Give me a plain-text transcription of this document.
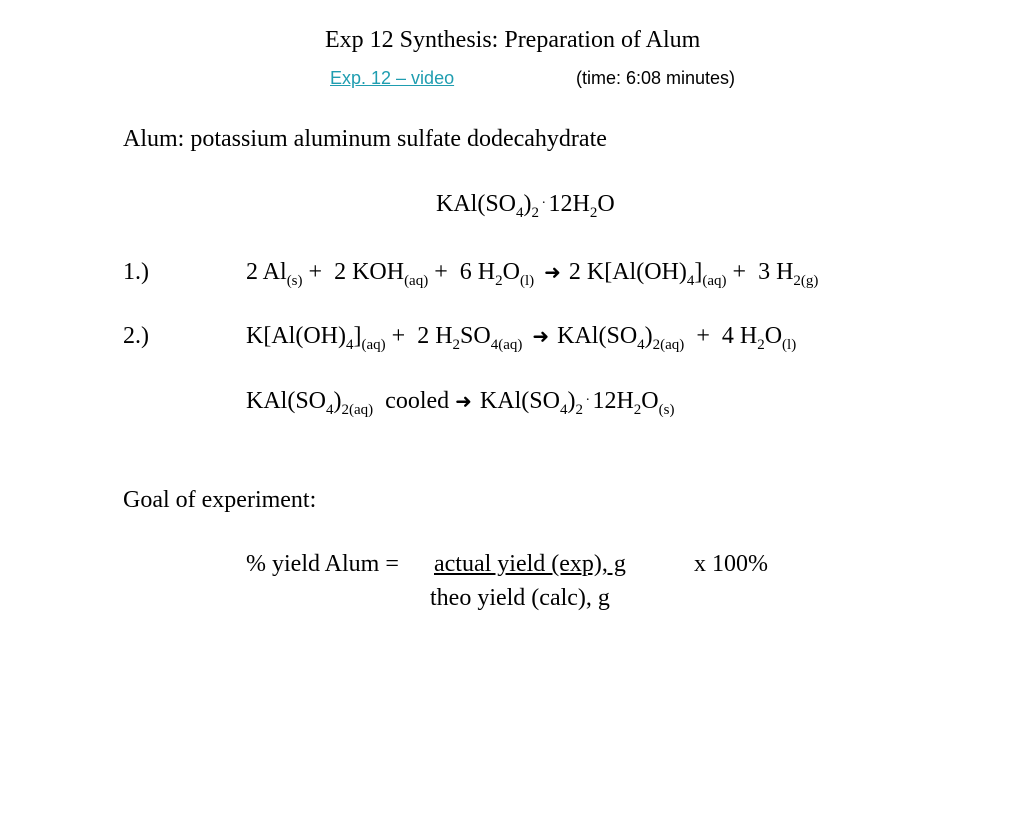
Exp 12 Synthesis: Preparation of Alum
Exp. 12 – video	(time: 6:08 minutes)
Alum: potassium aluminum sulfate dodecahydrate
$KAl(SO_4)_2^.$ $12H_2O$
1.)	2 $Al_{(s)} + 2$ $KOH_{(aq)} + 6$ $H_2O_{(l)}$ ➜ 2 $K[Al(OH)_4]_{(aq)} + 3$ $H_{2(g)}$
2.)	$K[Al(OH)_4]_{(aq)} + 2$ $H_2SO_{4(aq)}$ ➜ $KAl(SO_4)_{2(aq)} + 4$ $H_2O_{(l)}$
$KAl(SO_4)_{2(aq)}$ cooled ➜ $KAl(SO_4)_2^.$ $12H_2O_{(s)}$
Goal of experiment:
% yield Alum = actual yield (exp), g	x 100%
theo yield (calc), g
